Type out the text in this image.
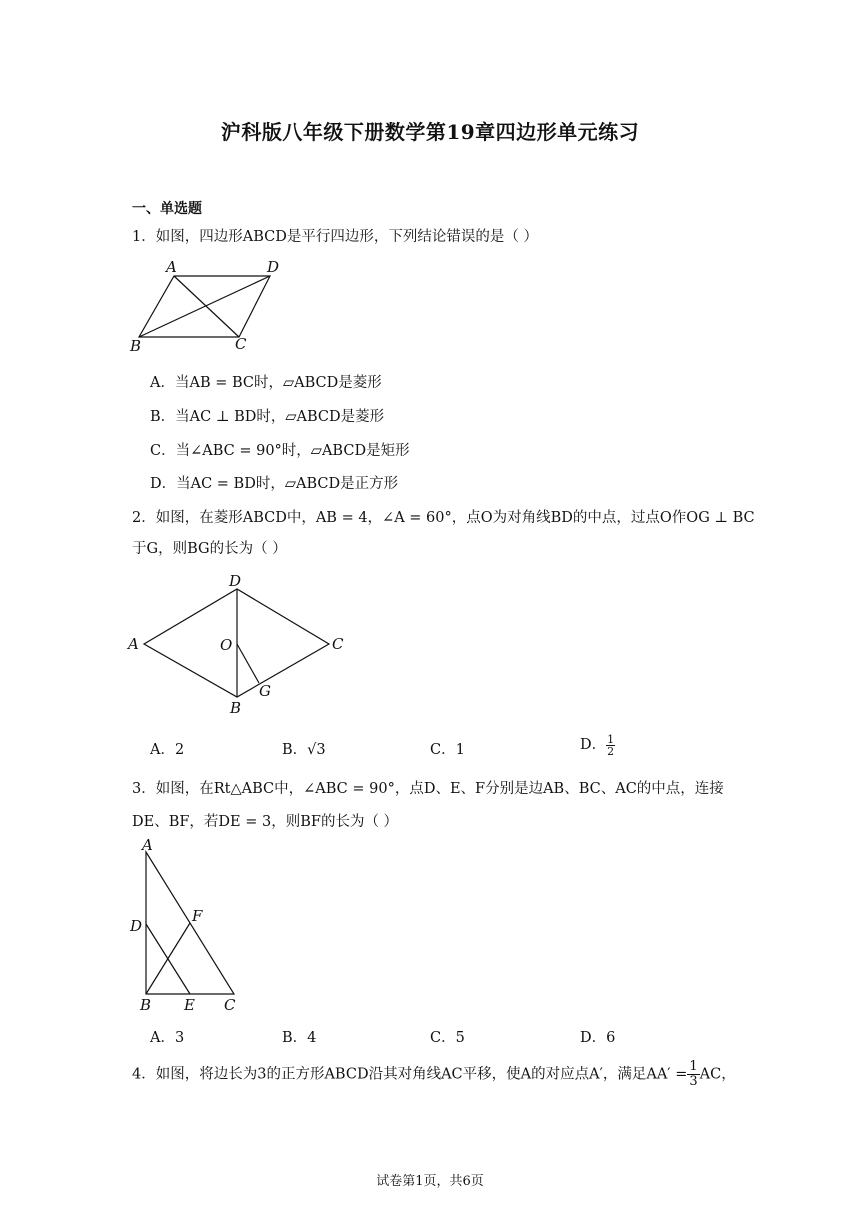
沪科版八年级下册数学第19章四边形单元练习
一、单选题
1．如图，四边形ABCD是平行四边形，下列结论错误的是（ ）
A	D
B	C
A．当AB = BC时，▱ABCD是菱形
B．当AC ⊥ BD时，▱ABCD是菱形
C．当∠ABC = 90°时，▱ABCD是矩形
D．当AC = BD时，▱ABCD是正方形
2．如图，在菱形ABCD中，AB = 4，∠A = 60°，点O为对角线BD的中点，过点O作OG ⊥ BC
于G，则BG的长为（ ）
A
D
C
B
O
G
A．2	B．√3	C．1	D． $\frac{1}{2}$
3．如图，在Rt△ABC中，∠ABC = 90°，点D、E、F分别是边AB、BC、AC的中点，连接
DE、BF，若DE = 3，则BF的长为（ ）
A
D
F
B E C
A．3	B．4	C．5	D．6
4．如图，将边长为3的正方形ABCD沿其对角线AC平移，使A的对应点A′，满足$AA' = \frac{1}{3}$ AC，
试卷第1页，共6页
